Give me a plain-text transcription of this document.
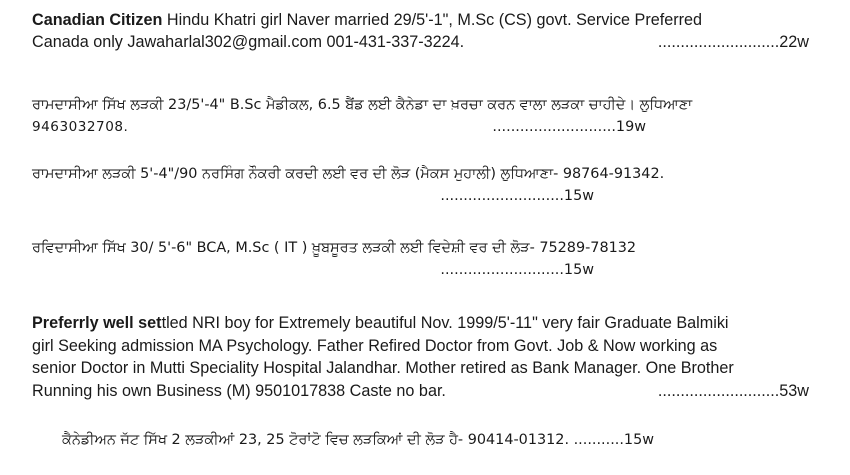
Canadian Citizen Hindu Khatri girl Naver married 29/5'-1", M.Sc (CS) govt. Service Preferred
Canada only Jawaharlal302@gmail.com 001-431-337-3224.	...........................22w
ਰਾਮਦਾਸੀਆ ਸਿੱਖ ਲੜਕੀ 23/5'-4" B.Sc ਮੈਡੀਕਲ, 6.5 ਬੈਂਡ ਲਈ ਕੈਨੇਡਾ ਦਾ ਖ਼ਰਚਾ ਕਰਨ ਵਾਲਾ ਲੜਕਾ ਚਾਹੀਦੇ। ਲੁਧਿਆਣਾ
9463032708.	...........................19w
ਰਾਮਦਾਸੀਆ ਲੜਕੀ 5'-4"/90 ਨਰਸਿੰਗ ਨੌਕਰੀ ਕਰਦੀ ਲਈ ਵਰ ਦੀ ਲੋੜ (ਮੈਕਸ ਮੁਹਾਲੀ) ਲੁਧਿਆਣਾ- 98764-91342.
...........................15w
ਰਵਿਦਾਸੀਆ ਸਿੱਖ 30/ 5'-6" BCA, M.Sc ( IT ) ਖ਼ੂਬਸੂਰਤ ਲੜਕੀ ਲਈ ਵਿਦੇਸ਼ੀ ਵਰ ਦੀ ਲੋੜ- 75289-78132
...........................15w
Preferrly well settled NRI boy for Extremely beautiful Nov. 1999/5'-11" very fair Graduate Balmiki
girl Seeking admission MA Psychology. Father Refired Doctor from Govt. Job & Now working as
senior Doctor in Mutti Speciality Hospital Jalandhar. Mother retired as Bank Manager. One Brother
Running his own Business (M) 9501017838 Caste no bar.	...........................53w
ਕੈਨੇਡੀਅਨ ਜੱਟ ਸਿੱਖ 2 ਲੜਕੀਆਂ 23, 25 ਟੋਰਾਂਟੋ ਵਿਚ ਲੜਕਿਆਂ ਦੀ ਲੋੜ ਹੈ- 90414-01312. ...........15w
